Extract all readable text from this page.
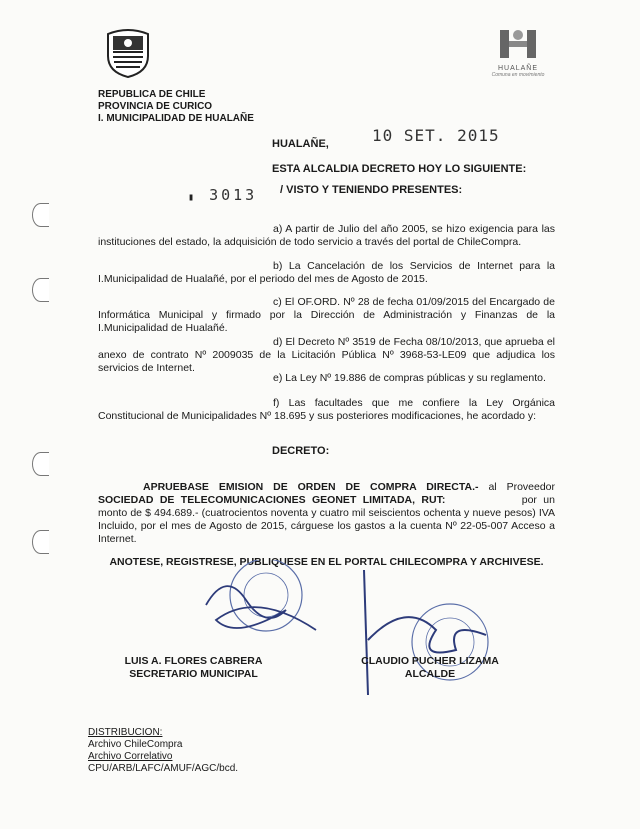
HUALAÑE
Comuna en movimiento
REPUBLICA DE CHILE
PROVINCIA DE CURICO
I. MUNICIPALIDAD DE HUALAÑE
HUALAÑE,	10 SET. 2015
ESTA ALCALDIA DECRETO HOY LO SIGUIENTE:
▮ 3013 / VISTO Y TENIENDO PRESENTES:
a) A partir de Julio del año 2005, se hizo exigencia para las instituciones del estado, la adquisición de todo servicio a través del portal de ChileCompra.
b) La Cancelación de los Servicios de Internet para la I.Municipalidad de Hualañé, por el periodo del mes de Agosto de 2015.
c) El OF.ORD. Nº 28 de fecha 01/09/2015 del Encargado de Informática Municipal y firmado por la Dirección de Administración y Finanzas de la I.Municipalidad de Hualañé.
d) El Decreto Nº 3519 de Fecha 08/10/2013, que aprueba el anexo de contrato Nº 2009035 de la Licitación Pública Nº 3968-53-LE09 que adjudica los servicios de Internet.
e) La Ley Nº 19.886 de compras públicas y su reglamento.
f) Las facultades que me confiere la Ley Orgánica Constitucional de Municipalidades Nº 18.695 y sus posteriores modificaciones, he acordado y:
DECRETO:
APRUEBASE EMISION DE ORDEN DE COMPRA DIRECTA.- al Proveedor SOCIEDAD DE TELECOMUNICACIONES GEONET LIMITADA, RUT:	por un monto de $ 494.689.- (cuatrocientos noventa y cuatro mil seiscientos ochenta y nueve pesos) IVA Incluido, por el mes de Agosto de 2015, cárguese los gastos a la cuenta Nº 22-05-007 Acceso a Internet.
ANOTESE, REGISTRESE, PUBLIQUESE EN EL PORTAL CHILECOMPRA Y ARCHIVESE.
LUIS A. FLORES CABRERA
SECRETARIO MUNICIPAL
CLAUDIO PUCHER LIZAMA
ALCALDE
DISTRIBUCION:
Archivo ChileCompra
Archivo Correlativo
CPU/ARB/LAFC/AMUF/AGC/bcd.
